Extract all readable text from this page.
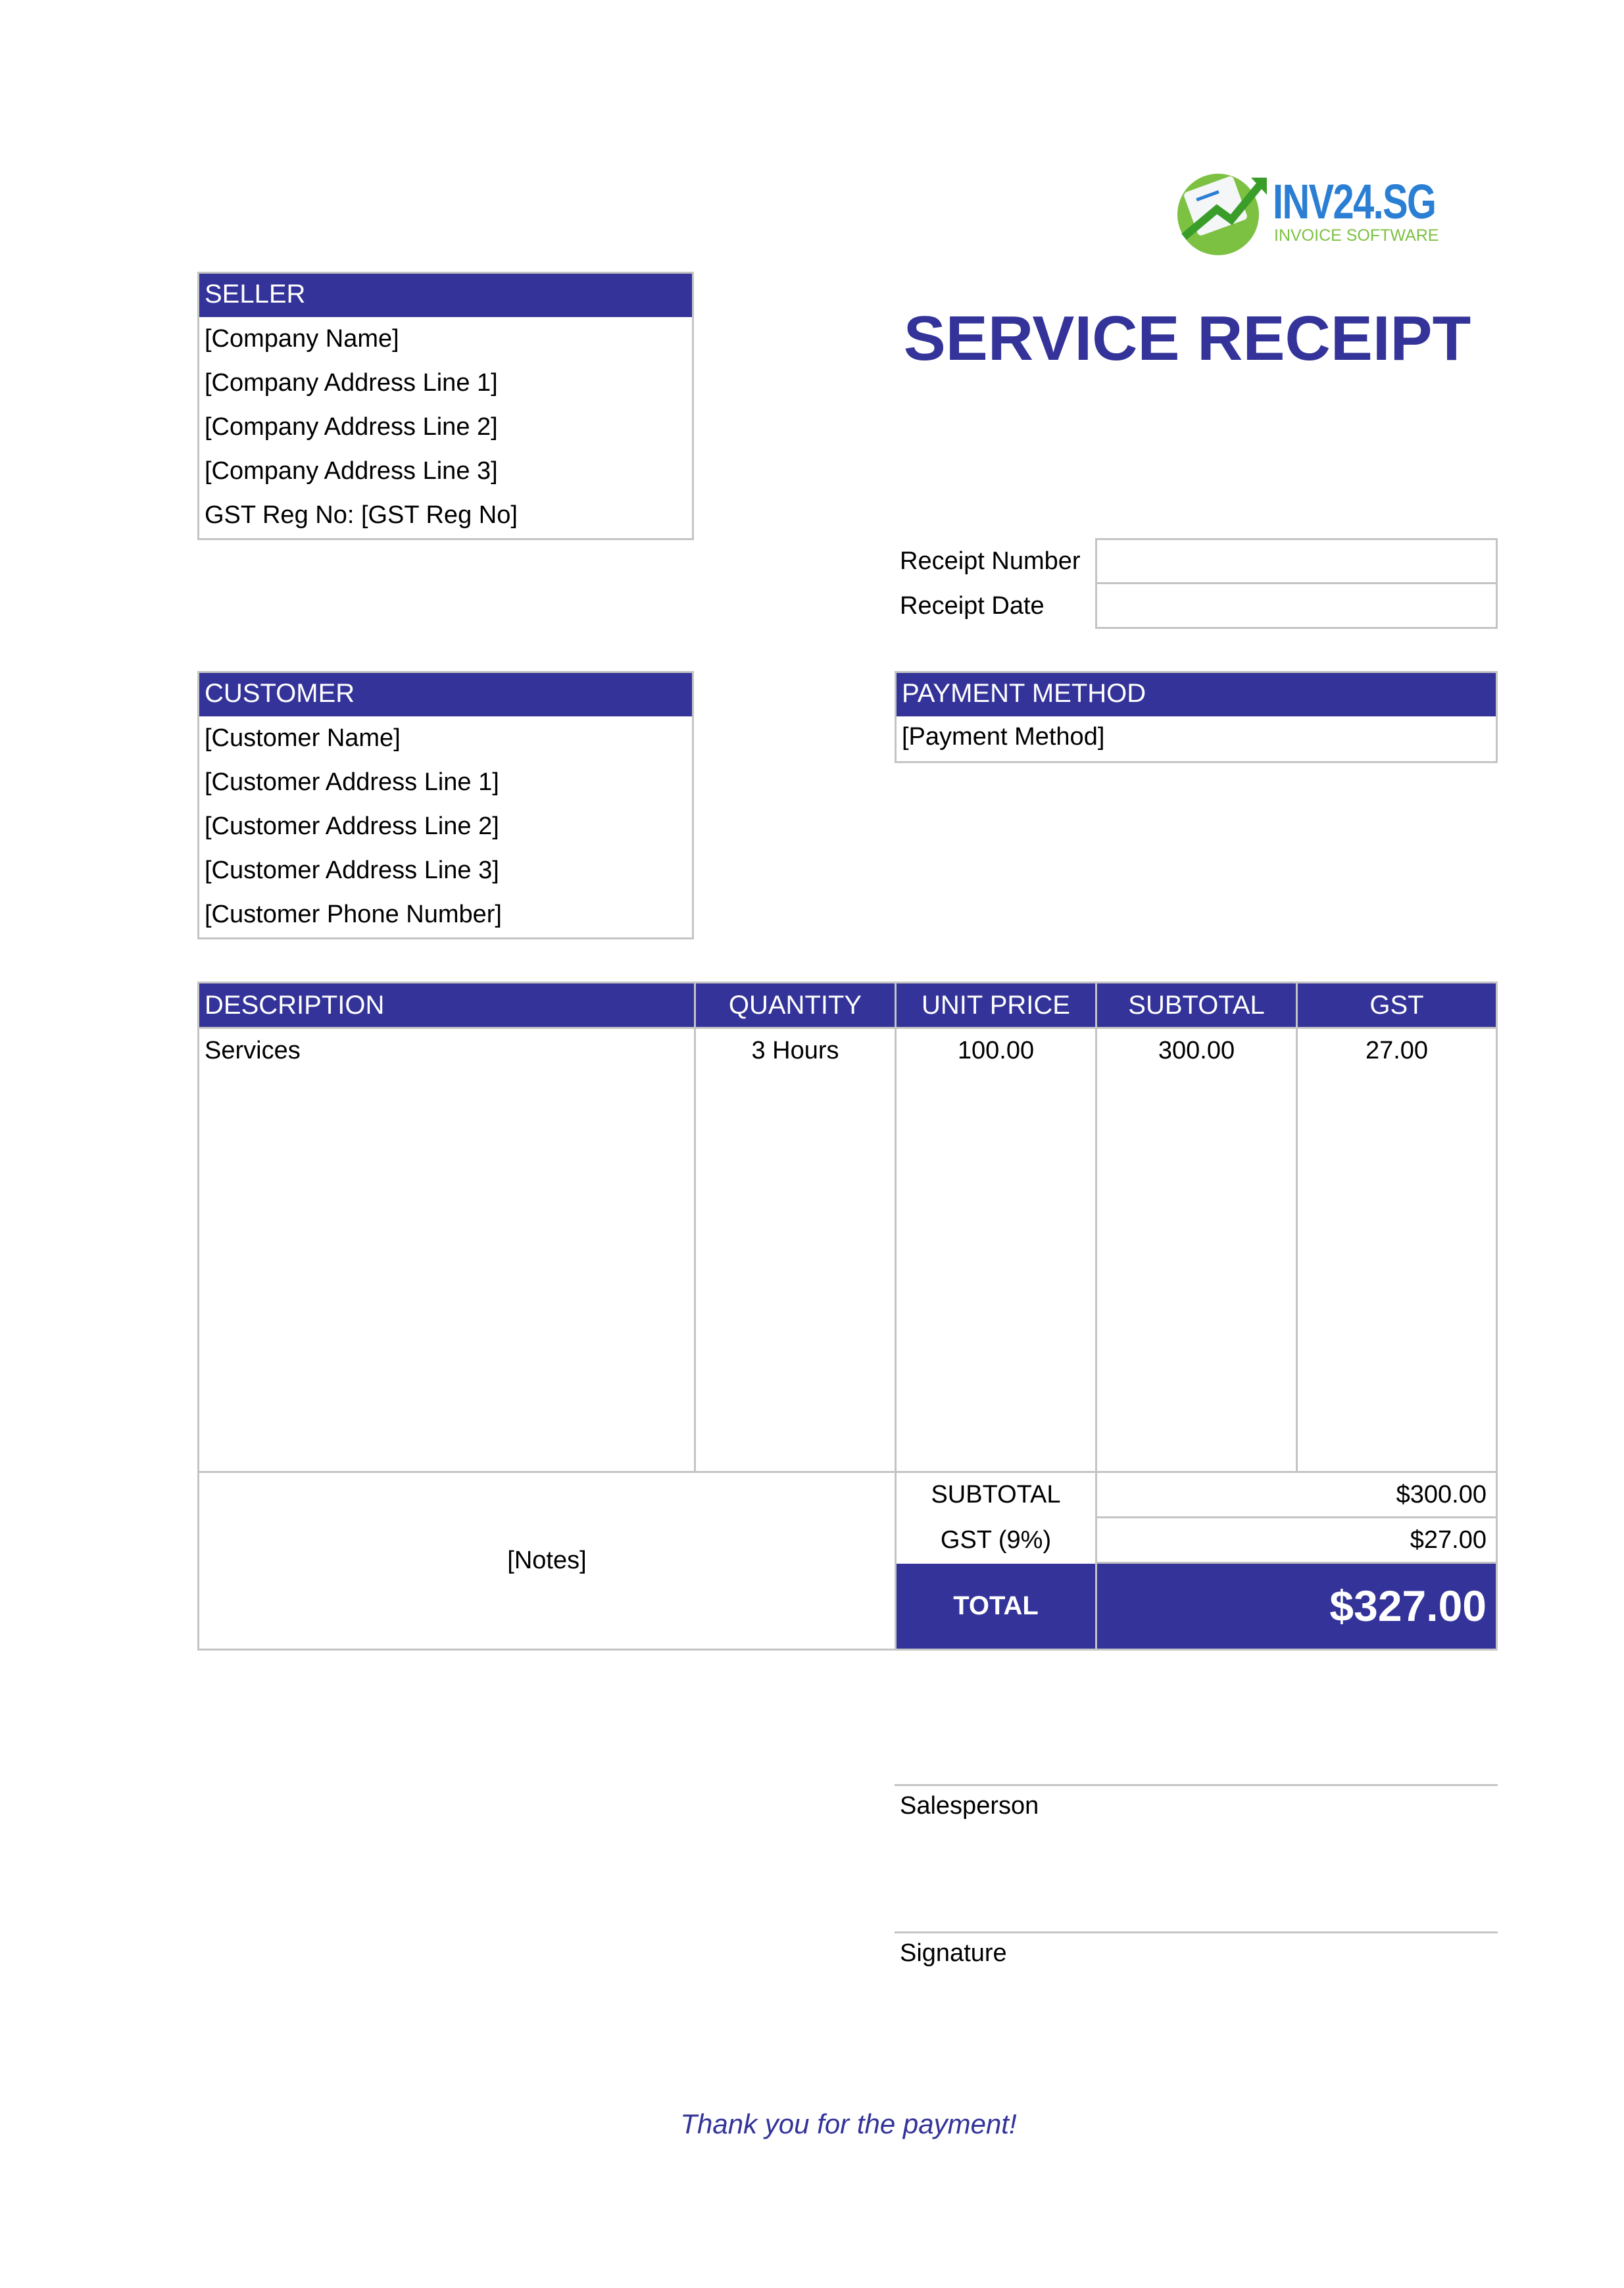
INV24.SG
INVOICE SOFTWARE
SERVICE RECEIPT
SELLER
[Company Name]
[Company Address Line 1]
[Company Address Line 2]
[Company Address Line 3]
GST Reg No: [GST Reg No]
Receipt Number
Receipt Date
CUSTOMER
[Customer Name]
[Customer Address Line 1]
[Customer Address Line 2]
[Customer Address Line 3]
[Customer Phone Number]
PAYMENT METHOD
[Payment Method]
DESCRIPTION	QUANTITY	UNIT PRICE	SUBTOTAL	GST
Services	3 Hours	100.00	300.00	27.00
[Notes]
SUBTOTAL	$300.00
GST (9%)	$27.00
TOTAL	$327.00
Salesperson
Signature
Thank you for the payment!
